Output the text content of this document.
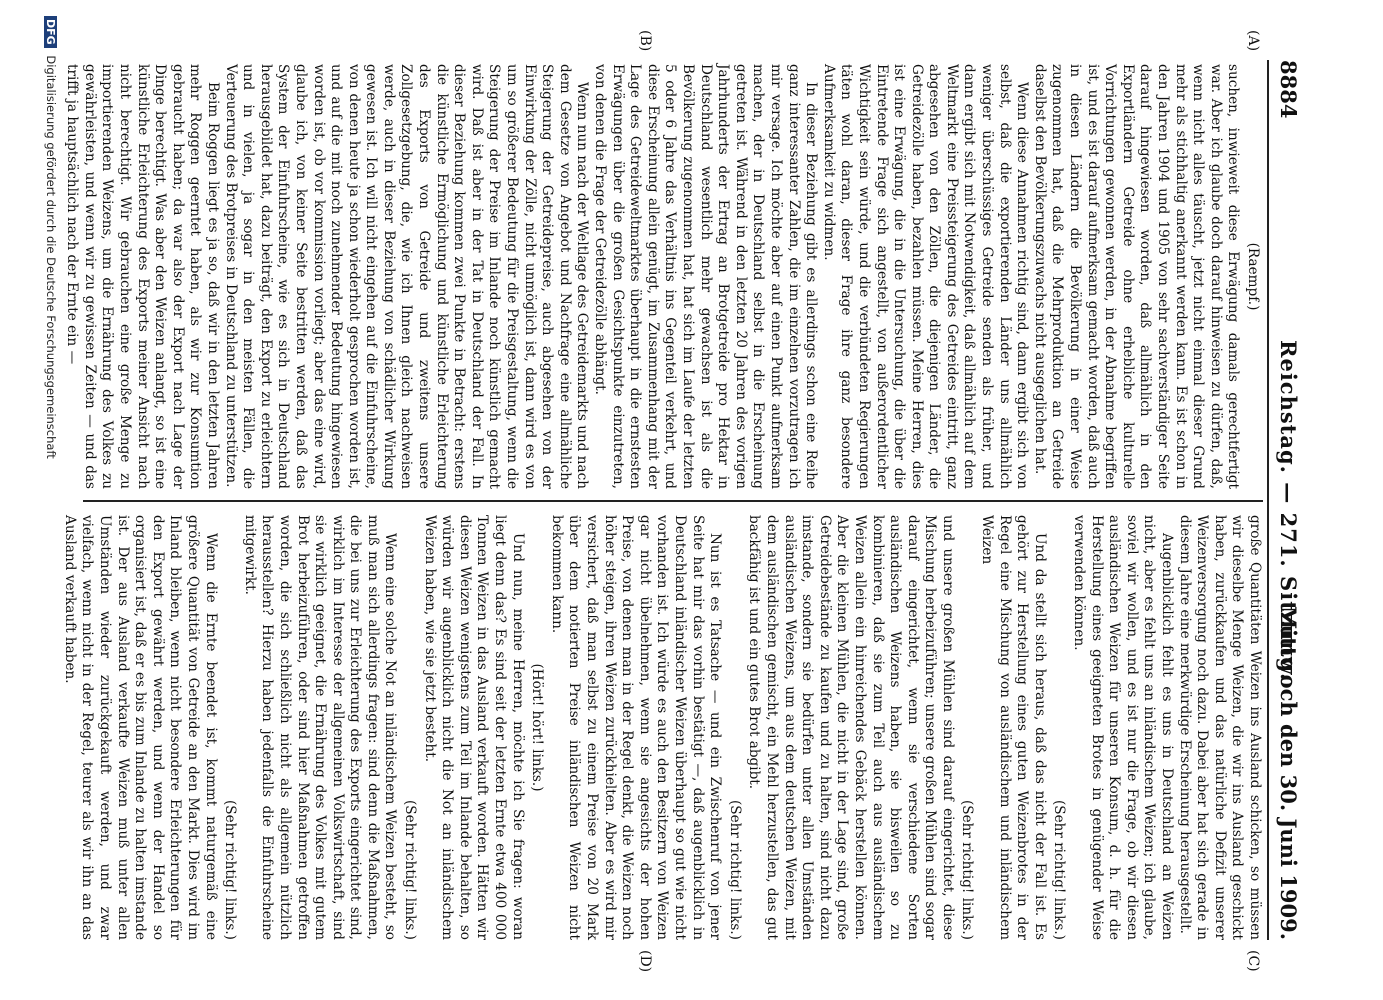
8884
Reichstag. — 271. Sitzung.
Mittwoch den 30. Juni 1909.
(A)
(B)
(C)
(D)

(Raempf.)

suchen, inwieweit diese Erwägung damals gerechtfertigt war. Aber ich glaube doch darauf hinweisen zu dürfen, daß, wenn nicht alles täuscht, jetzt nicht einmal dieser Grund mehr als stichhaltig anerkannt werden kann. Es ist schon in den Jahren 1904 und 1905 von sehr sachverständiger Seite darauf hingewiesen worden, daß allmählich in den Exportländern Getreide ohne erhebliche kulturelle Vorrichtungen gewonnen werden, in der Abnahme begriffen ist, und es ist darauf aufmerksam gemacht worden, daß auch in diesen Ländern die Bevölkerung in einer Weise zugenommen hat, daß die Mehrproduktion an Getreide daselbst den Bevölkerungszuwachs nicht ausgeglichen hat.

Wenn diese Annahmen richtig sind, dann ergibt sich von selbst, daß die exportierenden Länder uns allmählich weniger überschüssiges Getreide senden als früher, und dann ergibt sich mit Notwendigkeit, daß allmählich auf dem Weltmarkt eine Preissteigerung des Getreides eintritt, ganz abgesehen von den Zöllen, die diejenigen Länder, die Getreidezölle haben, bezahlen müssen. Meine Herren, dies ist eine Erwägung, die in die Untersuchung, die über die Eintretende Frage sich angestellt, von außerordentlicher Wichtigkeit sein würde, und die verbündeten Regierungen täten wohl daran, dieser Frage ihre ganz besondere Aufmerksamkeit zu widmen.

In dieser Beziehung gibt es allerdings schon eine Reihe ganz interessanter Zahlen, die im einzelnen vorzutragen ich mir versage. Ich möchte aber auf einen Punkt aufmerksam machen, der in Deutschland selbst in die Erscheinung getreten ist. Während in den letzten 20 Jahren des vorigen Jahrhunderts der Ertrag an Brotgetreide pro Hektar in Deutschland wesentlich mehr gewachsen ist als die Bevölkerung zugenommen hat, hat sich im Laufe der letzten 5 oder 6 Jahre das Verhältnis ins Gegenteil verkehrt, und diese Erscheinung allein genügt, im Zusammenhang mit der Lage des Getreideweltmarktes überhaupt in die ernstesten Erwägungen über die großen Gesichtspunkte einzutreten, von denen die Frage der Getreidezölle abhängt.

Wenn nun nach der Weltlage des Getreidemarkts und nach dem Gesetze von Angebot und Nachfrage eine allmähliche Steigerung der Getreidepreise, auch abgesehen von der Einwirkung der Zölle, nicht unmöglich ist, dann wird es von um so größerer Bedeutung für die Preisgestaltung, wenn die Steigerung der Preise im Inlande noch künstlich gemacht wird. Daß ist aber in der Tat in Deutschland der Fall. In dieser Beziehung kommen zwei Punkte in Betracht: erstens die künstliche Ermöglichung und künstliche Erleichterung des Exports von Getreide und zweitens unsere Zollgesetzgebung, die, wie ich Ihnen gleich nachweisen werde, auch in dieser Beziehung von schädlicher Wirkung gewesen ist. Ich will nicht eingehen auf die Einfuhrscheine, von denen heute ja schon wiederholt gesprochen worden ist, und auf die mit noch zunehmender Bedeutung hingewiesen worden ist, ob vor kommission vorliegt; aber das eine wird, glaube ich, von keiner Seite bestritten werden, daß das System der Einfuhrscheine, wie es sich in Deutschland herausgebildet hat, dazu beiträgt, den Export zu erleichtern und in vielen, ja sogar in den meisten Fällen, die Verteuerung des Brotpreises in Deutschland zu unterstützen.

Beim Roggen liegt es ja so, daß wir in den letzten Jahren mehr Roggen geerntet haben, als wir zur Konsumtion gebraucht haben; da war also der Export nach Lage der Dinge berechtigt. Was aber den Weizen anlangt, so ist eine künstliche Erleichterung des Exports meiner Ansicht nach nicht berechtigt. Wir gebrauchen eine große Menge zu importierenden Weizens, um die Ernährung des Volkes zu gewährleisten, und wenn wir zu gewissen Zeiten — und das trifft ja hauptsächlich nach der Ernte ein —

große Quantitäten Weizen ins Ausland schicken, so müssen wir dieselbe Menge Weizen, die wir ins Ausland geschickt haben, zurückkaufen und das natürliche Defizit unserer Weizenversorgung noch dazu. Dabei aber hat sich gerade in diesem Jahre eine merkwürdige Erscheinung herausgestellt.

Augenblicklich fehlt es uns in Deutschland an Weizen nicht, aber es fehlt uns an inländischem Weizen; ich glaube, soviel wir wollen, und es ist nur die Frage, ob wir diesen ausländischen Weizen für unseren Konsum, d. h. für die Herstellung eines geeigneten Brotes in genügender Weise verwenden können.

(Sehr richtig! links.)

Und da stellt sich heraus, daß das nicht der Fall ist. Es gehört zur Herstellung eines guten Weizenbrotes in der Regel eine Mischung von ausländischem und inländischem Weizen

(Sehr richtig! links.)

und unsere großen Mühlen sind darauf eingerichtet, diese Mischung herbeizuführen; unsere großen Mühlen sind sogar darauf eingerichtet, wenn sie verschiedene Sorten ausländischen Weizens haben, sie bisweilen so zu kombinieren, daß sie zum Teil auch aus ausländischem Weizen allein ein hinreichendes Gebäck herstellen können. Aber die kleinen Mühlen, die nicht in der Lage sind, große Getreidebestände zu kaufen und zu halten, sind nicht dazu imstande, sondern sie bedürfen unter allen Umständen ausländischen Weizens, um aus dem deutschen Weizen, mit dem ausländischen gemischt, ein Mehl herzustellen, das gut backfähig ist und ein gutes Brot abgibt.

(Sehr richtig! links.)

Nun ist es Tatsache — und ein Zwischenruf von jener Seite hat mir das vorhin bestätigt —, daß augenblicklich in Deutschland inländischer Weizen überhaupt so gut wie nicht vorhanden ist. Ich würde es auch den Besitzern von Weizen gar nicht übelnehmen, wenn sie angesichts der hohen Preise, von denen man in der Regel denkt, die Weizen noch höher steigen, ihren Weizen zurückhielten. Aber es wird mir versichert, daß man selbst zu einem Preise von 20 Mark über dem notierten Preise inländischen Weizen nicht bekommen kann.

(Hört! hört! links.)

Und nun, meine Herren, möchte ich Sie fragen: woran liegt denn das? Es sind seit der letzten Ernte etwa 400 000 Tonnen Weizen in das Ausland verkauft worden. Hätten wir diesen Weizen wenigstens zum Teil im Inlande behalten, so würden wir augenblicklich nicht die Not an inländischem Weizen haben, wie sie jetzt besteht.

(Sehr richtig! links.)

Wenn eine solche Not an inländischem Weizen besteht, so muß man sich allerdings fragen: sind denn die Maßnahmen, die bei uns zur Erleichterung des Exports eingerichtet sind, wirklich im Interesse der allgemeinen Volkswirtschaft, sind sie wirklich geeignet, die Ernährung des Volkes mit gutem Brot herbeizuführen, oder sind hier Maßnahmen getroffen worden, die sich schließlich nicht als allgemein nützlich herausstellen? Hierzu haben jedenfalls die Einfuhrscheine mitgewirkt.

(Sehr richtig! links.)

Wenn die Ernte beendet ist, kommt naturgemäß eine größere Quantität von Getreide an den Markt. Dies wird im Inland bleiben, wenn nicht besondere Erleichterungen für den Export gewährt werden, und wenn der Handel so organisiert ist, daß er es bis zum Inlande zu halten imstande ist. Der aus Ausland verkaufte Weizen muß unter allen Umständen wieder zurückgekauft werden, und zwar vielfach, wenn nicht in der Regel, teurer als wir ihn an das Ausland verkauft haben.

DFG Digitalisierung gefördert durch die Deutsche Forschungsgemeinschaft
